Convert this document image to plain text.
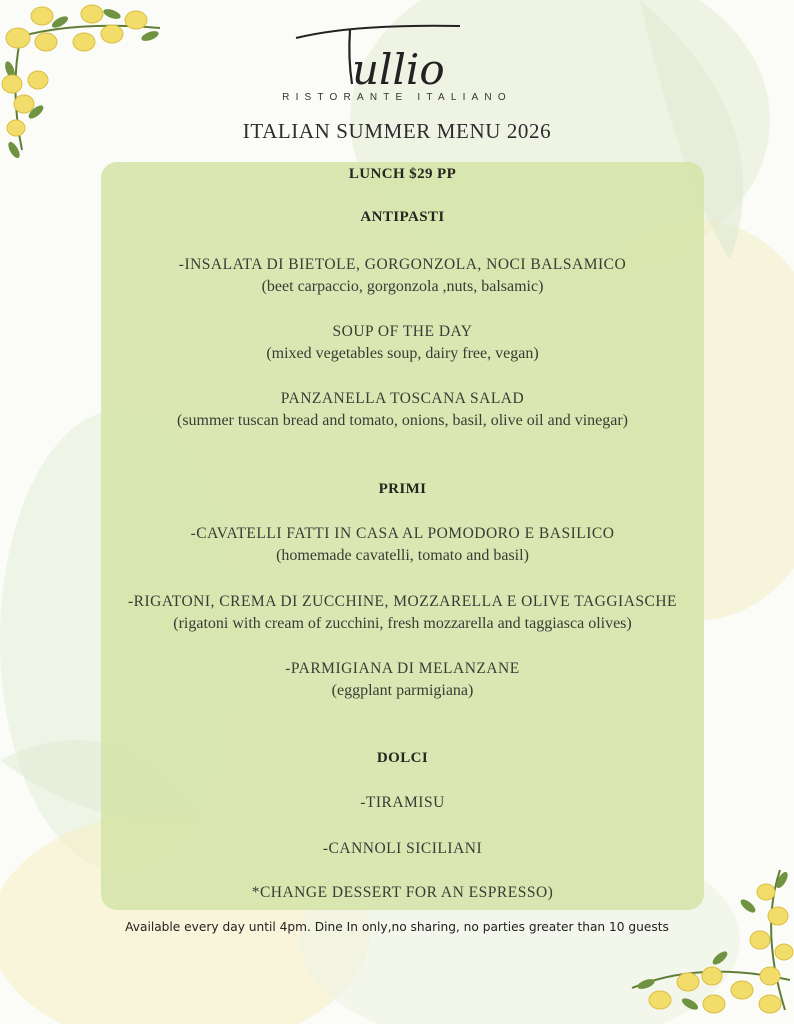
ullio
RISTORANTE ITALIANO
ITALIAN SUMMER MENU 2026
LUNCH $29 PP
ANTIPASTI
-INSALATA DI BIETOLE, GORGONZOLA, NOCI BALSAMICO
(beet carpaccio, gorgonzola ,nuts, balsamic)
SOUP OF THE DAY
(mixed vegetables soup, dairy free, vegan)
PANZANELLA TOSCANA SALAD
(summer tuscan bread and tomato, onions, basil, olive oil and vinegar)
PRIMI
-CAVATELLI FATTI IN CASA AL POMODORO E BASILICO
(homemade cavatelli, tomato and basil)
-RIGATONI, CREMA DI ZUCCHINE, MOZZARELLA E OLIVE TAGGIASCHE
(rigatoni with cream of zucchini, fresh mozzarella and taggiasca olives)
-PARMIGIANA DI MELANZANE
(eggplant parmigiana)
DOLCI
-TIRAMISU
-CANNOLI SICILIANI
*CHANGE DESSERT FOR AN ESPRESSO)
Available every day until 4pm. Dine In only,no sharing, no parties greater than 10 guests
